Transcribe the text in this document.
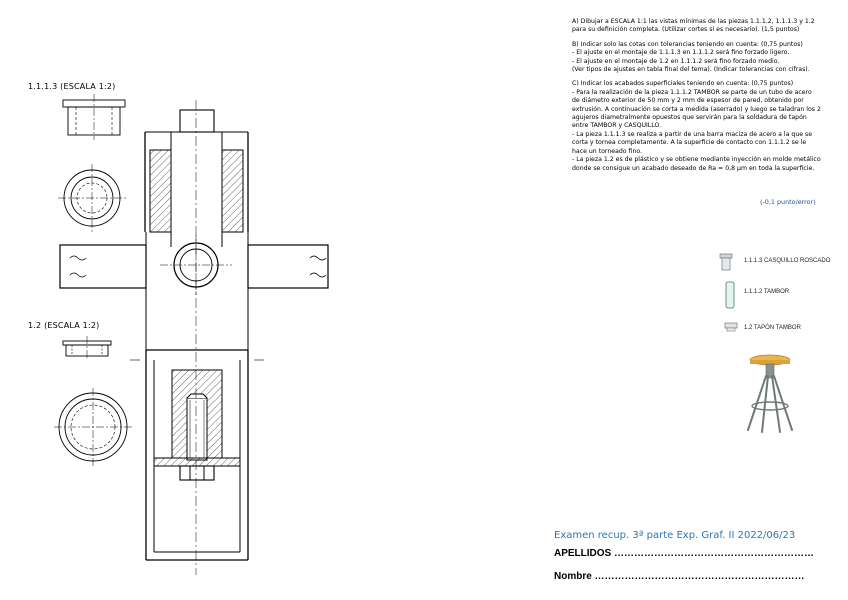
1.1.1.3 (ESCALA 1:2)
1.2 (ESCALA 1:2)

A) Dibujar a ESCALA 1:1 las vistas mínimas de las piezas 1.1.1.2, 1.1.1.3 y 1.2
para su definición completa. (Utilizar cortes si es necesario). (1,5 puntos)

B) Indicar solo las cotas con tolerancias teniendo en cuenta: (0,75 puntos)
- El ajuste en el montaje de 1.1.1.3 en 1.1.1.2 será fino forzado ligero.
- El ajuste en el montaje de 1.2 en 1.1.1.2 será fino forzado medio.
(Ver tipos de ajustes en tabla final del tema). (Indicar tolerancias con cifras).

C) Indicar los acabados superficiales teniendo en cuenta: (0,75 puntos)
- Para la realización de la pieza 1.1.1.2 TAMBOR se parte de un tubo de acero
de diámetro exterior de 50 mm y 2 mm de espesor de pared, obtenido por
extrusión. A continuación se corta a medida (aserrado) y luego se taladran los 2
agujeros diametralmente opuestos que servirán para la soldadura de tapón
entre TAMBOR y CASQUILLO.
- La pieza 1.1.1.3 se realiza a partir de una barra maciza de acero a la que se
corta y tornea completamente. A la superficie de contacto con 1.1.1.2 se le
hace un torneado fino.
- La pieza 1.2 es de plástico y se obtiene mediante inyección en molde metálico
donde se consigue un acabado deseado de Ra = 0,8 µm en toda la superficie.

(-0,1 punto/error)
1.1.1.3 CASQUILLO ROSCADO
1.1.1.2 TAMBOR
1.2 TAPÓN TAMBOR
Examen recup. 3ª parte Exp. Graf. II 2022/06/23
APELLIDOS ……………………………………………………
Nombre ………………………………………………………
